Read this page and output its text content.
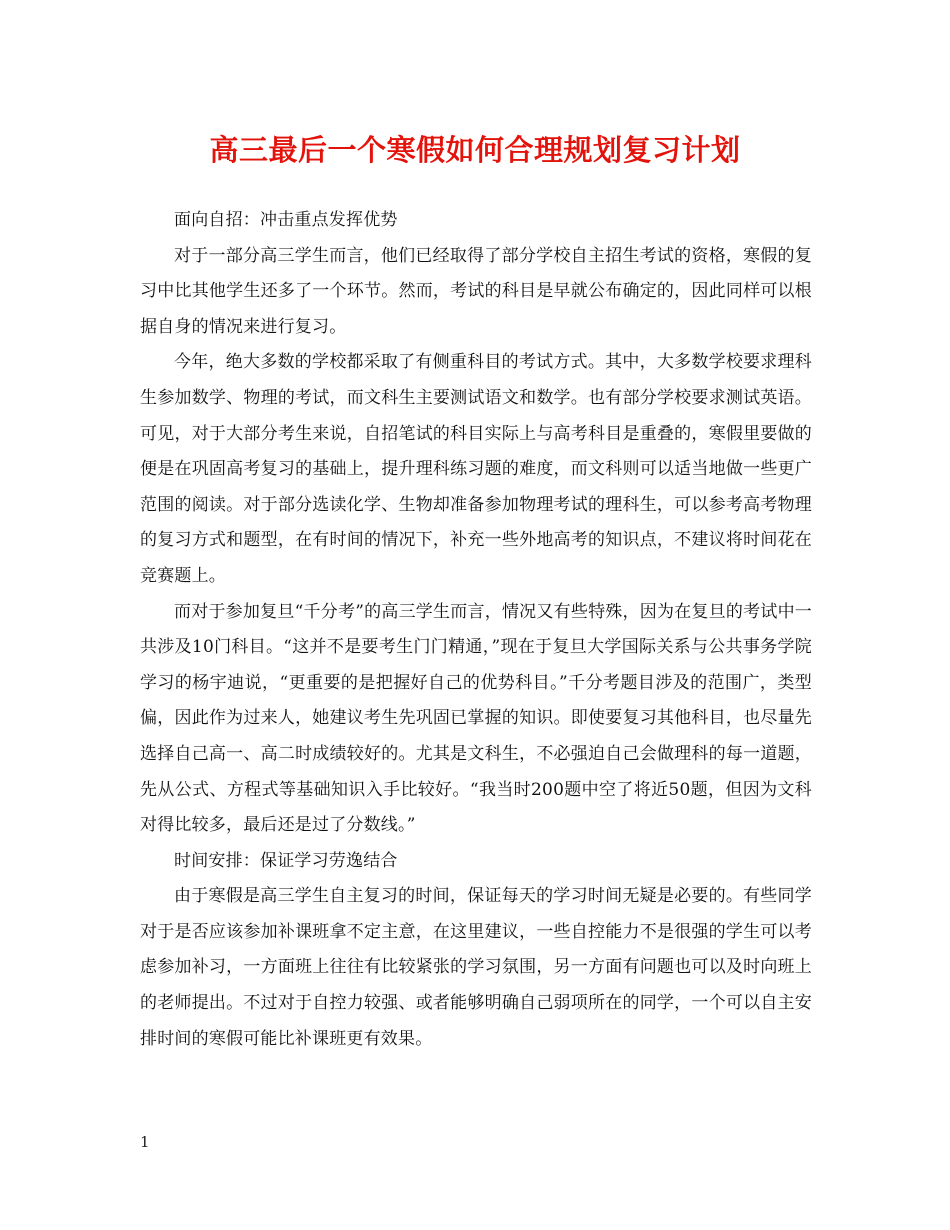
高三最后一个寒假如何合理规划复习计划

面向自招：冲击重点发挥优势

对于一部分高三学生而言，他们已经取得了部分学校自主招生考试的资格，寒假的复习中比其他学生还多了一个环节。然而，考试的科目是早就公布确定的，因此同样可以根据自身的情况来进行复习。

今年，绝大多数的学校都采取了有侧重科目的考试方式。其中，大多数学校要求理科生参加数学、物理的考试，而文科生主要测试语文和数学。也有部分学校要求测试英语。可见，对于大部分考生来说，自招笔试的科目实际上与高考科目是重叠的，寒假里要做的便是在巩固高考复习的基础上，提升理科练习题的难度，而文科则可以适当地做一些更广范围的阅读。对于部分选读化学、生物却准备参加物理考试的理科生，可以参考高考物理的复习方式和题型，在有时间的情况下，补充一些外地高考的知识点，不建议将时间花在竞赛题上。

而对于参加复旦“千分考”的高三学生而言，情况又有些特殊，因为在复旦的考试中一共涉及10门科目。“这并不是要考生门门精通，”现在于复旦大学国际关系与公共事务学院学习的杨宇迪说，“更重要的是把握好自己的优势科目。”千分考题目涉及的范围广，类型偏，因此作为过来人，她建议考生先巩固已掌握的知识。即使要复习其他科目，也尽量先选择自己高一、高二时成绩较好的。尤其是文科生，不必强迫自己会做理科的每一道题，先从公式、方程式等基础知识入手比较好。“我当时200题中空了将近50题，但因为文科对得比较多，最后还是过了分数线。”

时间安排：保证学习劳逸结合

由于寒假是高三学生自主复习的时间，保证每天的学习时间无疑是必要的。有些同学对于是否应该参加补课班拿不定主意，在这里建议，一些自控能力不是很强的学生可以考虑参加补习，一方面班上往往有比较紧张的学习氛围，另一方面有问题也可以及时向班上的老师提出。不过对于自控力较强、或者能够明确自己弱项所在的同学，一个可以自主安排时间的寒假可能比补课班更有效果。

1
